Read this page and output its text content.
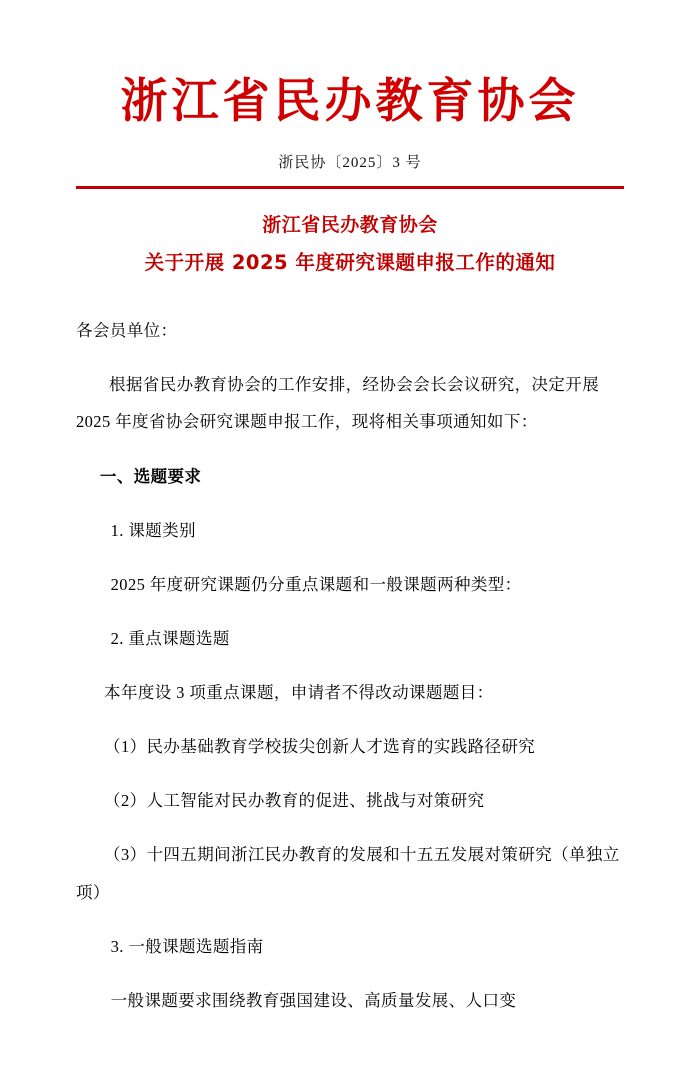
浙江省民办教育协会
浙民协〔2025〕3 号
浙江省民办教育协会
关于开展 2025 年度研究课题申报工作的通知

各会员单位：

根据省民办教育协会的工作安排，经协会会长会议研究，决定开展 2025 年度省协会研究课题申报工作，现将相关事项通知如下：

一、选题要求

1. 课题类别

2025 年度研究课题仍分重点课题和一般课题两种类型：

2. 重点课题选题

本年度设 3 项重点课题，申请者不得改动课题题目：

（1）民办基础教育学校拔尖创新人才选育的实践路径研究

（2）人工智能对民办教育的促进、挑战与对策研究

（3）十四五期间浙江民办教育的发展和十五五发展对策研究（单独立项）

3. 一般课题选题指南

一般课题要求围绕教育强国建设、高质量发展、人口变
